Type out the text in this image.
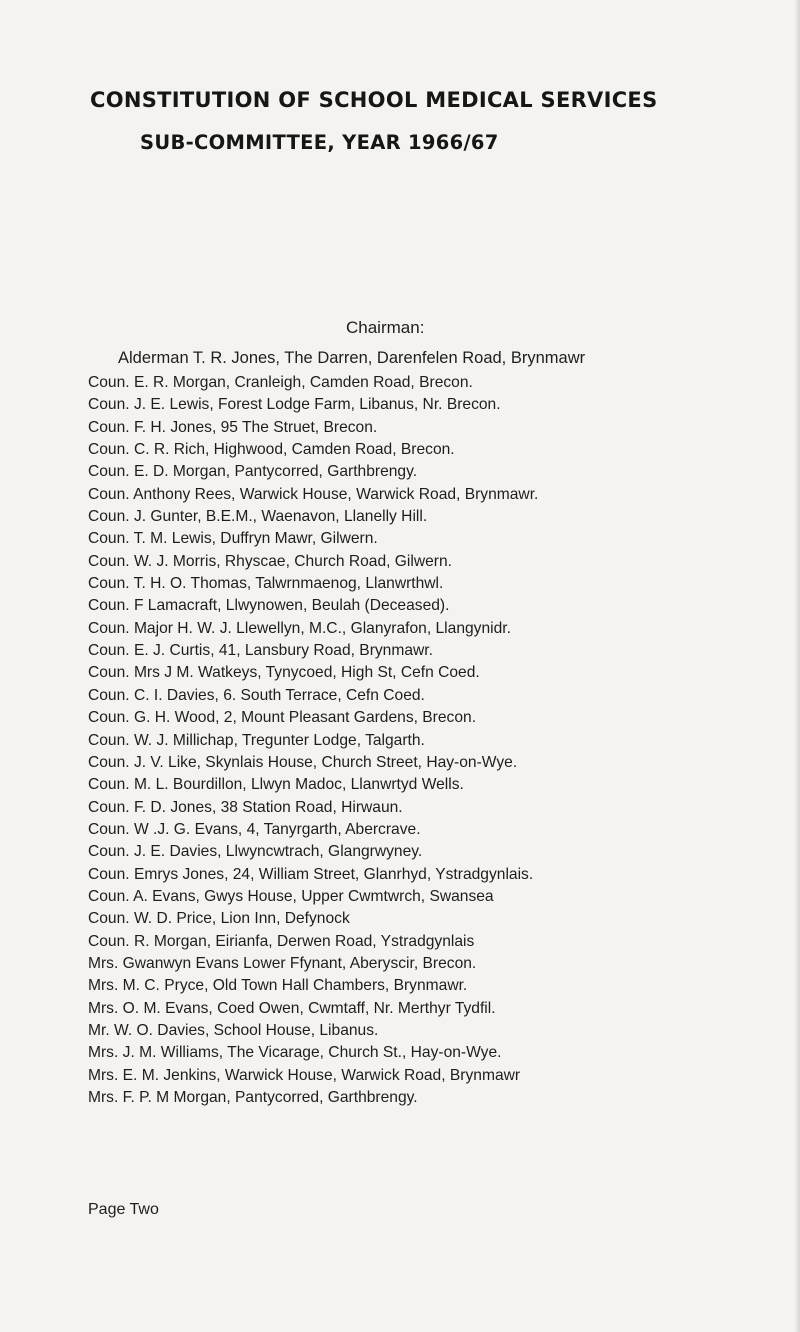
CONSTITUTION OF SCHOOL MEDICAL SERVICES
SUB-COMMITTEE, YEAR 1966/67
Chairman:
Alderman T. R. Jones, The Darren, Darenfelen Road, Brynmawr
Coun. E. R. Morgan, Cranleigh, Camden Road, Brecon.
Coun. J. E. Lewis, Forest Lodge Farm, Libanus, Nr. Brecon.
Coun. F. H. Jones, 95 The Struet, Brecon.
Coun. C. R. Rich, Highwood, Camden Road, Brecon.
Coun. E. D. Morgan, Pantycorred, Garthbrengy.
Coun. Anthony Rees, Warwick House, Warwick Road, Brynmawr.
Coun. J. Gunter, B.E.M., Waenavon, Llanelly Hill.
Coun. T. M. Lewis, Duffryn Mawr, Gilwern.
Coun. W. J. Morris, Rhyscae, Church Road, Gilwern.
Coun. T. H. O. Thomas, Talwrnmaenog, Llanwrthwl.
Coun. F Lamacraft, Llwynowen, Beulah (Deceased).
Coun. Major H. W. J. Llewellyn, M.C., Glanyrafon, Llangynidr.
Coun. E. J. Curtis, 41, Lansbury Road, Brynmawr.
Coun. Mrs J M. Watkeys, Tynycoed, High St, Cefn Coed.
Coun. C. I. Davies, 6. South Terrace, Cefn Coed.
Coun. G. H. Wood, 2, Mount Pleasant Gardens, Brecon.
Coun. W. J. Millichap, Tregunter Lodge, Talgarth.
Coun. J. V. Like, Skynlais House, Church Street, Hay-on-Wye.
Coun. M. L. Bourdillon, Llwyn Madoc, Llanwrtyd Wells.
Coun. F. D. Jones, 38 Station Road, Hirwaun.
Coun. W .J. G. Evans, 4, Tanyrgarth, Abercrave.
Coun. J. E. Davies, Llwyncwtrach, Glangrwyney.
Coun. Emrys Jones, 24, William Street, Glanrhyd, Ystradgynlais.
Coun. A. Evans, Gwys House, Upper Cwmtwrch, Swansea
Coun. W. D. Price, Lion Inn, Defynock
Coun. R. Morgan, Eirianfa, Derwen Road, Ystradgynlais
Mrs. Gwanwyn Evans Lower Ffynant, Aberyscir, Brecon.
Mrs. M. C. Pryce, Old Town Hall Chambers, Brynmawr.
Mrs. O. M. Evans, Coed Owen, Cwmtaff, Nr. Merthyr Tydfil.
Mr. W. O. Davies, School House, Libanus.
Mrs. J. M. Williams, The Vicarage, Church St., Hay-on-Wye.
Mrs. E. M. Jenkins, Warwick House, Warwick Road, Brynmawr
Mrs. F. P. M Morgan, Pantycorred, Garthbrengy.
Page Two
